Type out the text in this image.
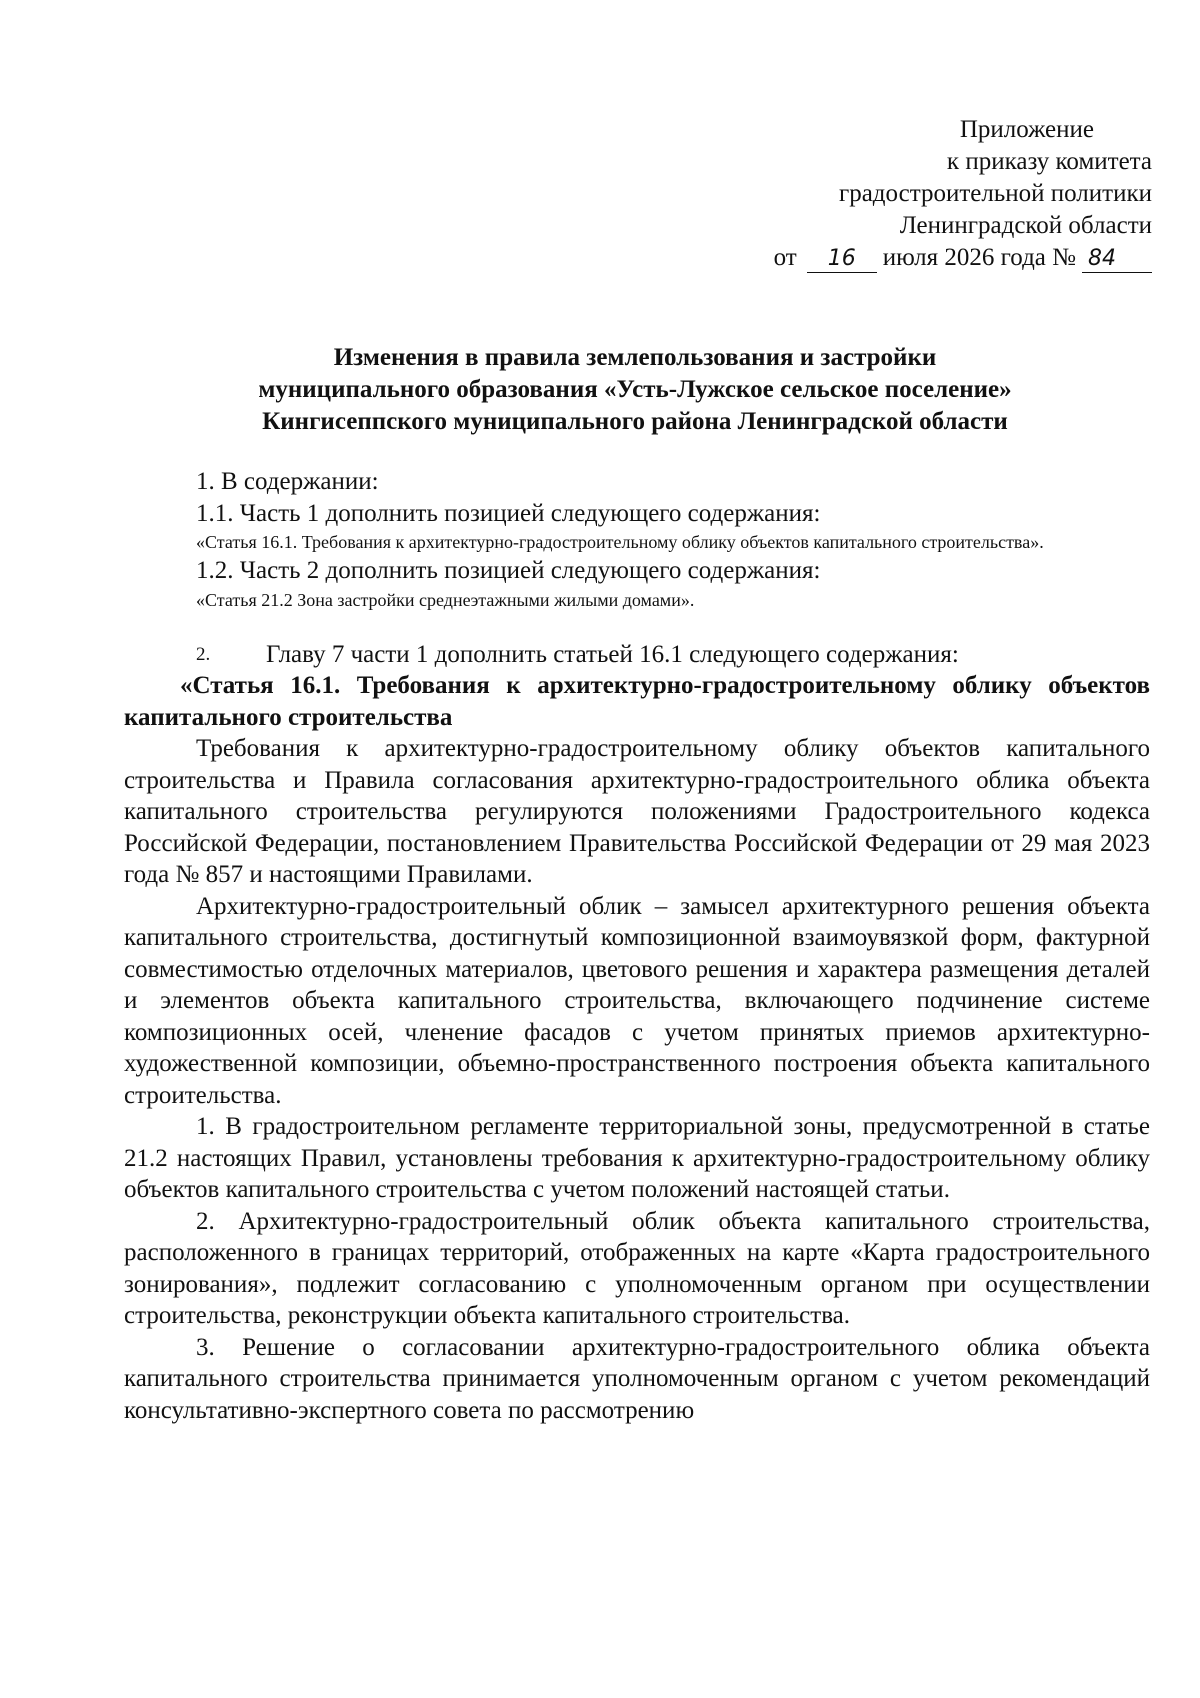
Приложение
к приказу комитета
градостроительной политики
Ленинградской области
от 16 июля 2026 года № 84
Изменения в правила землепользования и застройки
муниципального образования «Усть-Лужское сельское поселение»
Кингисеппского муниципального района Ленинградской области

1. В содержании:

1.1. Часть 1 дополнить позицией следующего содержания:

«Статья 16.1. Требования к архитектурно-градостроительному облику объектов капитального строительства».

1.2. Часть 2 дополнить позицией следующего содержания:

«Статья 21.2 Зона застройки среднеэтажными жилыми домами».

2.	Главу 7 части 1 дополнить статьей 16.1 следующего содержания:

«Статья 16.1. Требования к архитектурно-градостроительному облику объектов капитального строительства

Требования к архитектурно-градостроительному облику объектов капитального строительства и Правила согласования архитектурно-градостроительного облика объекта капитального строительства регулируются положениями Градостроительного кодекса Российской Федерации, постановлением Правительства Российской Федерации от 29 мая 2023 года № 857 и настоящими Правилами.

Архитектурно-градостроительный облик – замысел архитектурного решения объекта капитального строительства, достигнутый композиционной взаимоувязкой форм, фактурной совместимостью отделочных материалов, цветового решения и характера размещения деталей и элементов объекта капитального строительства, включающего подчинение системе композиционных осей, членение фасадов с учетом принятых приемов архитектурно-художественной композиции, объемно-пространственного построения объекта капитального строительства.

1. В градостроительном регламенте территориальной зоны, предусмотренной в статье 21.2 настоящих Правил, установлены требования к архитектурно-градостроительному облику объектов капитального строительства с учетом положений настоящей статьи.

2. Архитектурно-градостроительный облик объекта капитального строительства, расположенного в границах территорий, отображенных на карте «Карта градостроительного зонирования», подлежит согласованию с уполномоченным органом при осуществлении строительства, реконструкции объекта капитального строительства.

3. Решение о согласовании архитектурно-градостроительного облика объекта капитального строительства принимается уполномоченным органом с учетом рекомендаций консультативно-экспертного совета по рассмотрению
